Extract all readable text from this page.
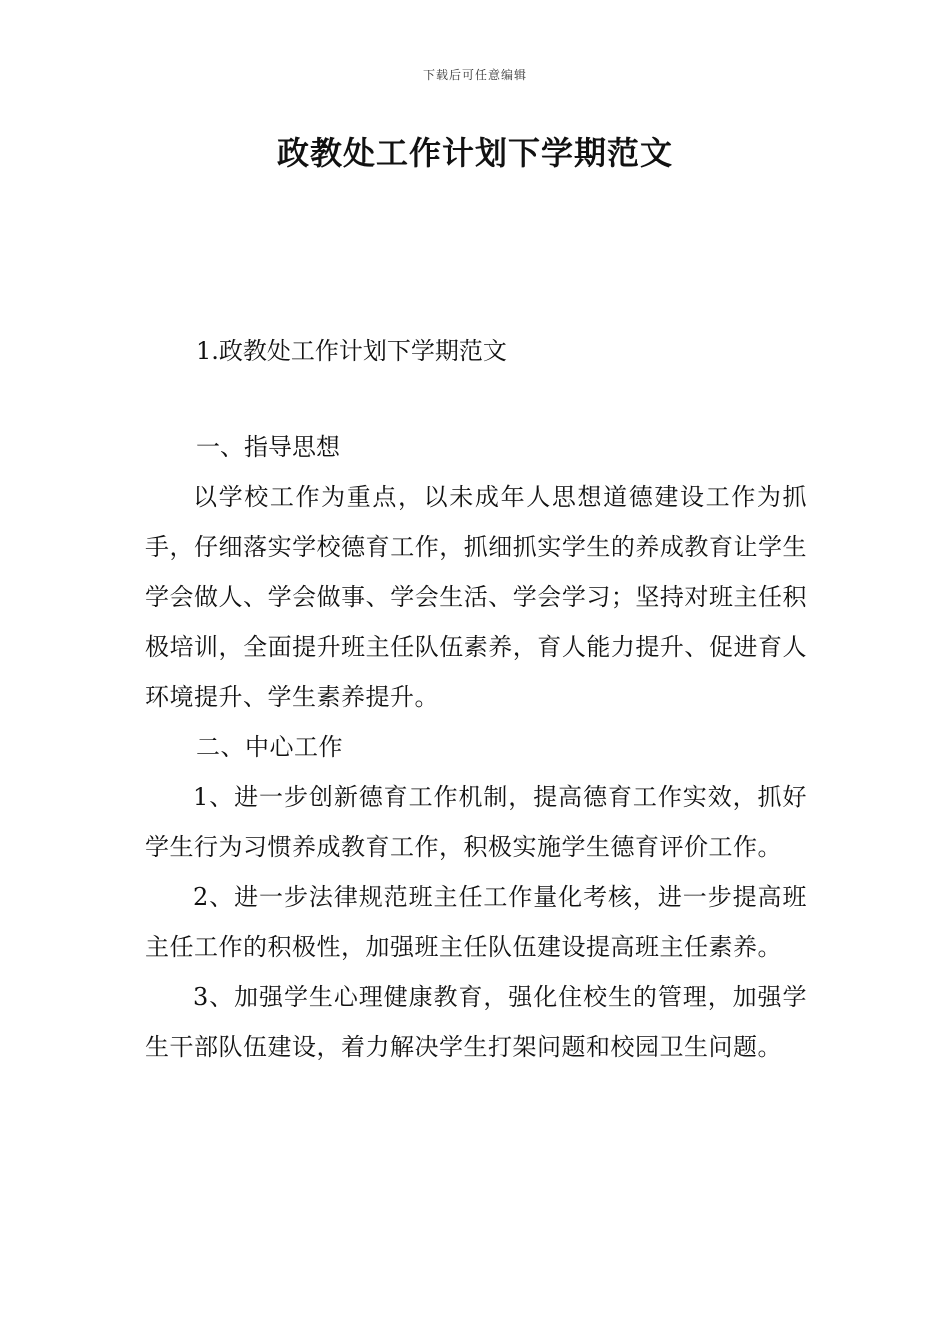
下载后可任意编辑
政教处工作计划下学期范文
1.政教处工作计划下学期范文
一、指导思想

以学校工作为重点，以未成年人思想道德建设工作为抓手，仔细落实学校德育工作，抓细抓实学生的养成教育让学生学会做人、学会做事、学会生活、学会学习；坚持对班主任积极培训，全面提升班主任队伍素养，育人能力提升、促进育人环境提升、学生素养提升。

二、中心工作

1、进一步创新德育工作机制，提高德育工作实效，抓好学生行为习惯养成教育工作，积极实施学生德育评价工作。

2、进一步法律规范班主任工作量化考核，进一步提高班主任工作的积极性，加强班主任队伍建设提高班主任素养。

3、加强学生心理健康教育，强化住校生的管理，加强学生干部队伍建设，着力解决学生打架问题和校园卫生问题。
